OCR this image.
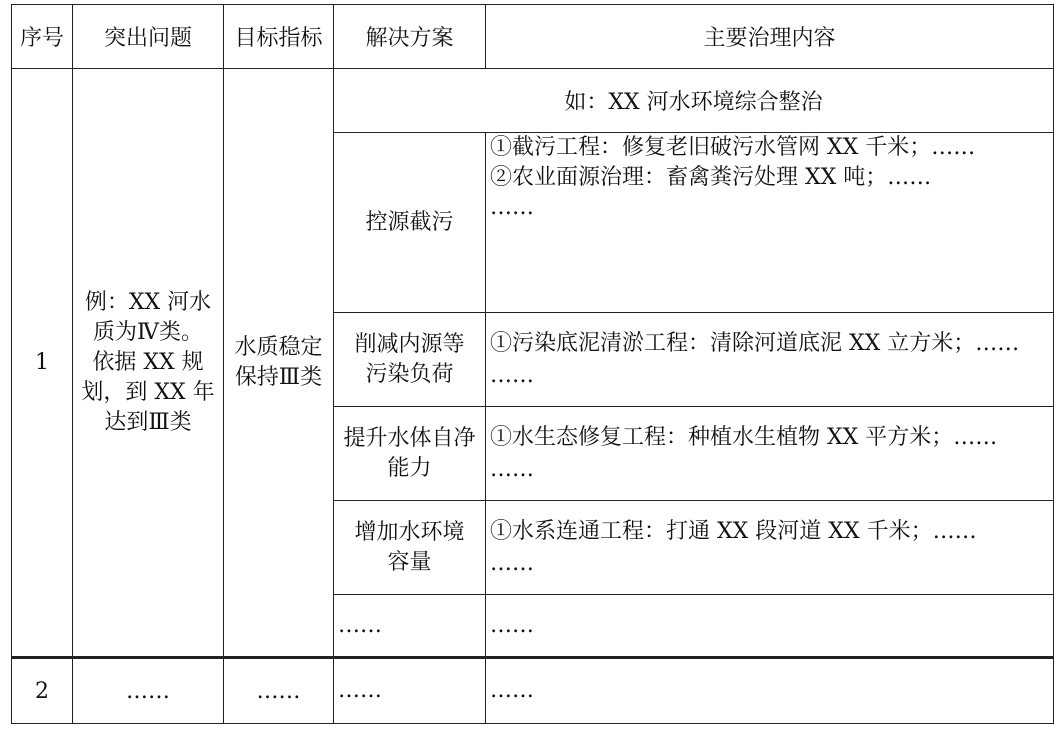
序号	突出问题	目标指标	解决方案	主要治理内容
1	例：XX 河水
质为Ⅳ类。
依据 XX 规
划，到 XX 年
达到Ⅲ类	水质稳定
保持Ⅲ类	如：XX 河水环境综合整治	

			控源截污	①截污工程：修复老旧破污水管网 XX 千米；……
②农业面源治理：畜禽粪污处理 XX 吨；……
……

			削减内源等
污染负荷	①污染底泥清淤工程：清除河道底泥 XX 立方米；……
……

			提升水体自净
能力	①水生态修复工程：种植水生植物 XX 平方米；……
……

			增加水环境
容量	①水系连通工程：打通 XX 段河道 XX 千米；……
……

			……	……

2	……	……	……	……
